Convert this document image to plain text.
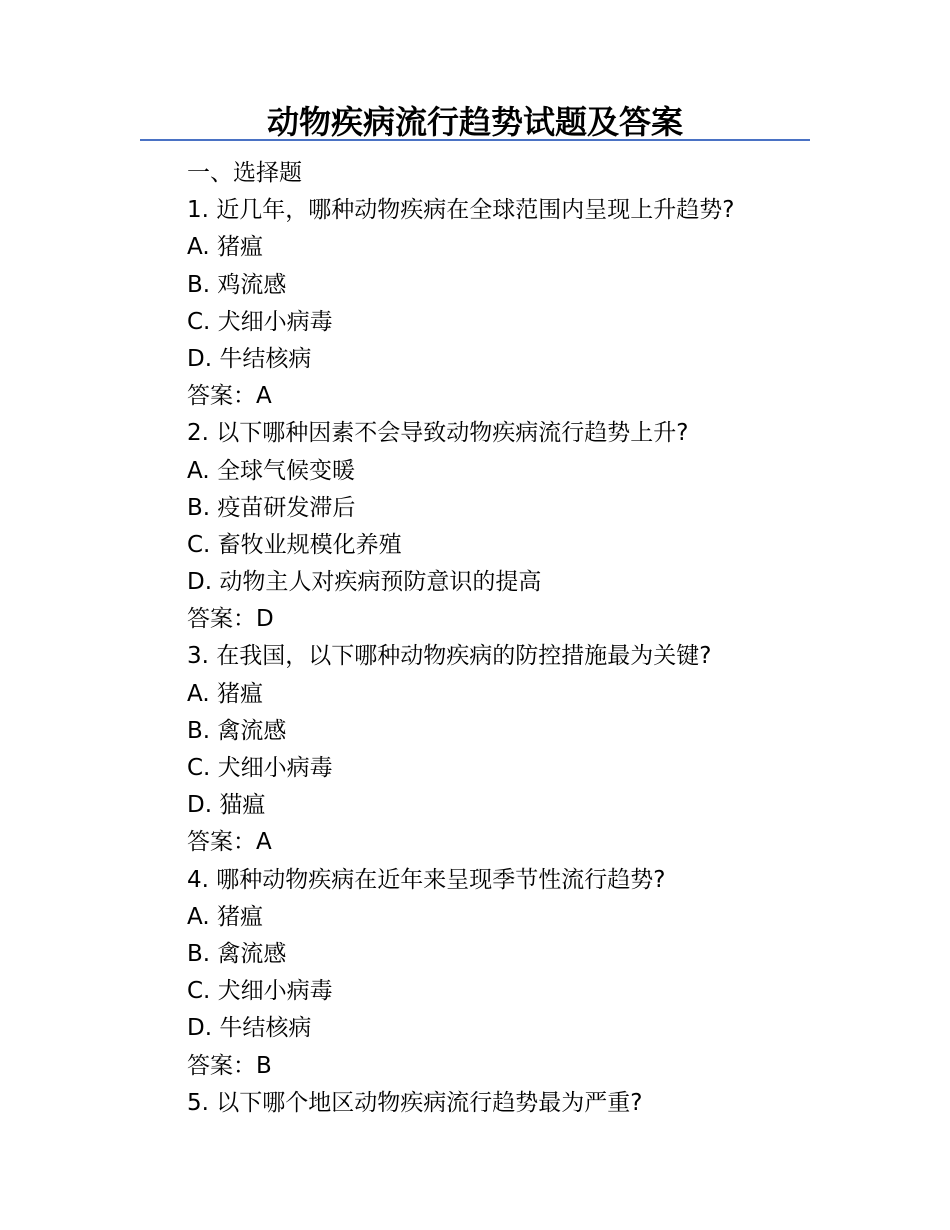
动物疾病流行趋势试题及答案
一、选择题
1. 近几年，哪种动物疾病在全球范围内呈现上升趋势?
A. 猪瘟
B. 鸡流感
C. 犬细小病毒
D. 牛结核病
答案：A
2. 以下哪种因素不会导致动物疾病流行趋势上升?
A. 全球气候变暖
B. 疫苗研发滞后
C. 畜牧业规模化养殖
D. 动物主人对疾病预防意识的提高
答案：D
3. 在我国，以下哪种动物疾病的防控措施最为关键?
A. 猪瘟
B. 禽流感
C. 犬细小病毒
D. 猫瘟
答案：A
4. 哪种动物疾病在近年来呈现季节性流行趋势?
A. 猪瘟
B. 禽流感
C. 犬细小病毒
D. 牛结核病
答案：B
5. 以下哪个地区动物疾病流行趋势最为严重?
